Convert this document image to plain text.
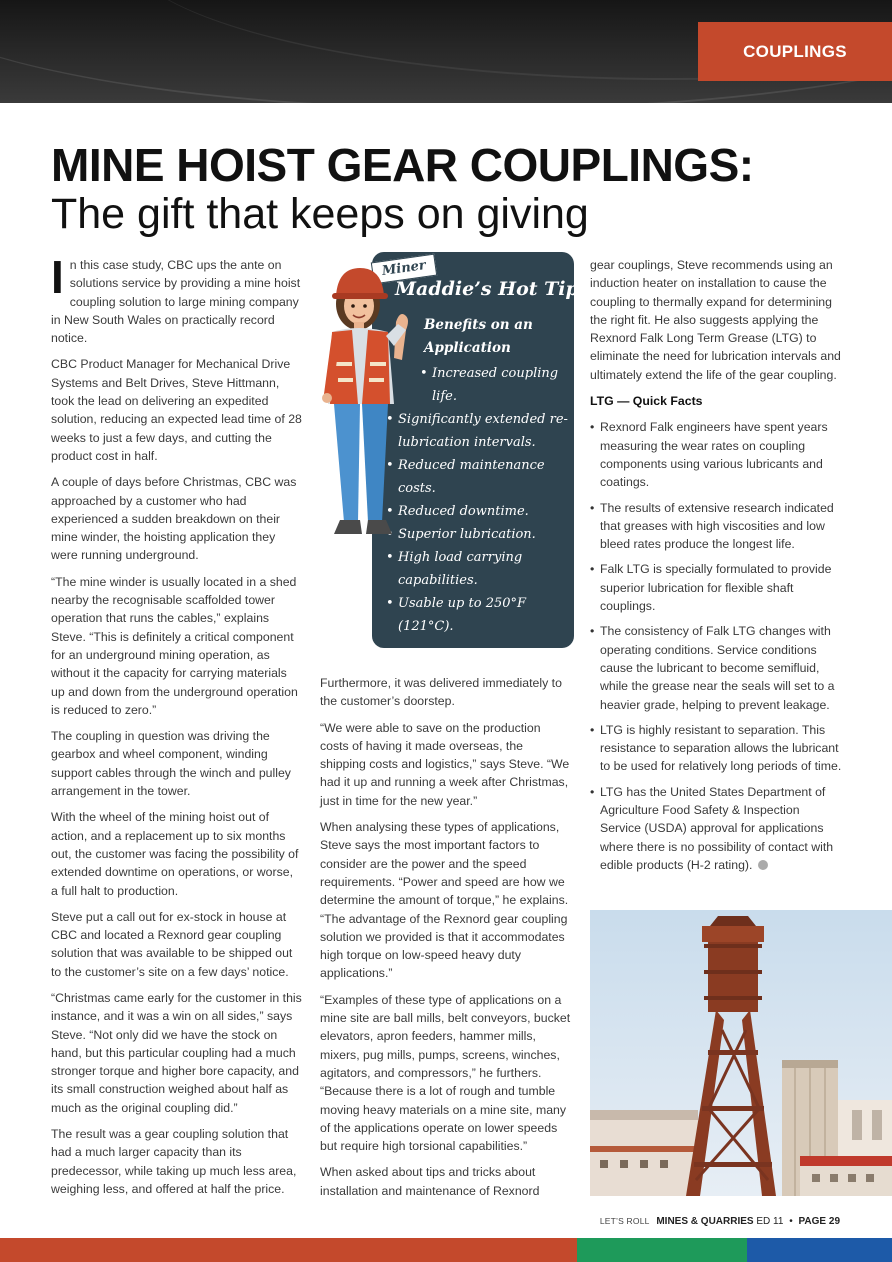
COUPLINGS
MINE HOIST GEAR COUPLINGS:
The gift that keeps on giving

In this case study, CBC ups the ante on solutions service by providing a mine hoist coupling solution to large mining company in New South Wales on practically record notice.

CBC Product Manager for Mechanical Drive Systems and Belt Drives, Steve Hittmann, took the lead on delivering an expedited solution, reducing an expected lead time of 28 weeks to just a few days, and cutting the product cost in half.

A couple of days before Christmas, CBC was approached by a customer who had experienced a sudden breakdown on their mine winder, the hoisting application they were running underground.

“The mine winder is usually located in a shed nearby the recognisable scaffolded tower operation that runs the cables,” explains Steve. “This is definitely a critical component for an underground mining operation, as without it the capacity for carrying materials up and down from the underground operation is reduced to zero.”

The coupling in question was driving the gearbox and wheel component, winding support cables through the winch and pulley arrangement in the tower.

With the wheel of the mining hoist out of action, and a replacement up to six months out, the customer was facing the possibility of extended downtime on operations, or worse, a full halt to production.

Steve put a call out for ex-stock in house at CBC and located a Rexnord gear coupling solution that was available to be shipped out to the customer’s site on a few days’ notice.

“Christmas came early for the customer in this instance, and it was a win on all sides,” says Steve. “Not only did we have the stock on hand, but this particular coupling had a much stronger torque and higher bore capacity, and its small construction weighed about half as much as the original coupling did.”

The result was a gear coupling solution that had a much larger capacity than its predecessor, while taking up much less area, weighing less, and offered at half the price.

Miner
Maddie’s Hot Tip
Benefits on an Application
• Increased coupling life.
• Significantly extended re-lubrication intervals.
• Reduced maintenance costs.
• Reduced downtime.
• Superior lubrication.
• High load carrying capabilities.
• Usable up to 250°F (121°C).

Furthermore, it was delivered immediately to the customer’s doorstep.

“We were able to save on the production costs of having it made overseas, the shipping costs and logistics,” says Steve. “We had it up and running a week after Christmas, just in time for the new year.”

When analysing these types of applications, Steve says the most important factors to consider are the power and the speed requirements. “Power and speed are how we determine the amount of torque,” he explains. “The advantage of the Rexnord gear coupling solution we provided is that it accommodates high torque on low-speed heavy duty applications.”

“Examples of these type of applications on a mine site are ball mills, belt conveyors, bucket elevators, apron feeders, hammer mills, mixers, pug mills, pumps, screens, winches, agitators, and compressors,” he furthers. “Because there is a lot of rough and tumble moving heavy materials on a mine site, many of the applications operate on lower speeds but require high torsional capabilities.”

When asked about tips and tricks about installation and maintenance of Rexnord

gear couplings, Steve recommends using an induction heater on installation to cause the coupling to thermally expand for determining the right fit. He also suggests applying the Rexnord Falk Long Term Grease (LTG) to eliminate the need for lubrication intervals and ultimately extend the life of the gear coupling.

LTG — Quick Facts

• Rexnord Falk engineers have spent years measuring the wear rates on coupling components using various lubricants and coatings.
• The results of extensive research indicated that greases with high viscosities and low bleed rates produce the longest life.
• Falk LTG is specially formulated to provide superior lubrication for flexible shaft couplings.
• The consistency of Falk LTG changes with operating conditions. Service conditions cause the lubricant to become semifluid, while the grease near the seals will set to a heavier grade, helping to prevent leakage.
• LTG is highly resistant to separation. This resistance to separation allows the lubricant to be used for relatively long periods of time.
• LTG has the United States Department of Agriculture Food Safety & Inspection Service (USDA) approval for applications where there is no possibility of contact with edible products (H-2 rating).
LET’S ROLL MINES & QUARRIES ED 11 • PAGE 29
